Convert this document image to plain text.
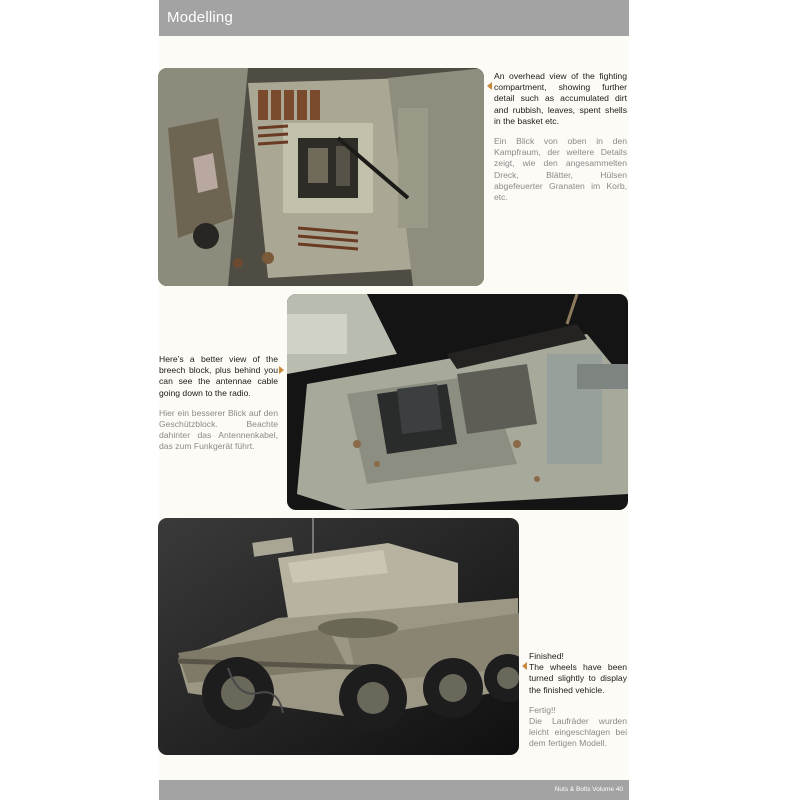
Modelling

An overhead view of the fighting compartment, showing further detail such as accumulated dirt and rubbish, leaves, spent shells in the basket etc.

Ein Blick von oben in den Kampfraum, der weitere Details zeigt, wie den angesammelten Dreck, Blätter, Hülsen abgefeuerter Granaten im Korb, etc.

Here’s a better view of the breech block, plus behind you can see the antennae cable going down to the radio.

Hier ein besserer Blick auf den Geschützblock. Beachte dahinter das Antennenkabel, das zum Funkgerät führt.

Finished!

The wheels have been turned slightly to display the finished vehicle.

Fertig!!

Die Laufräder wurden leicht eingeschlagen bei dem fertigen Modell.

Nuts & Bolts Volume 40
